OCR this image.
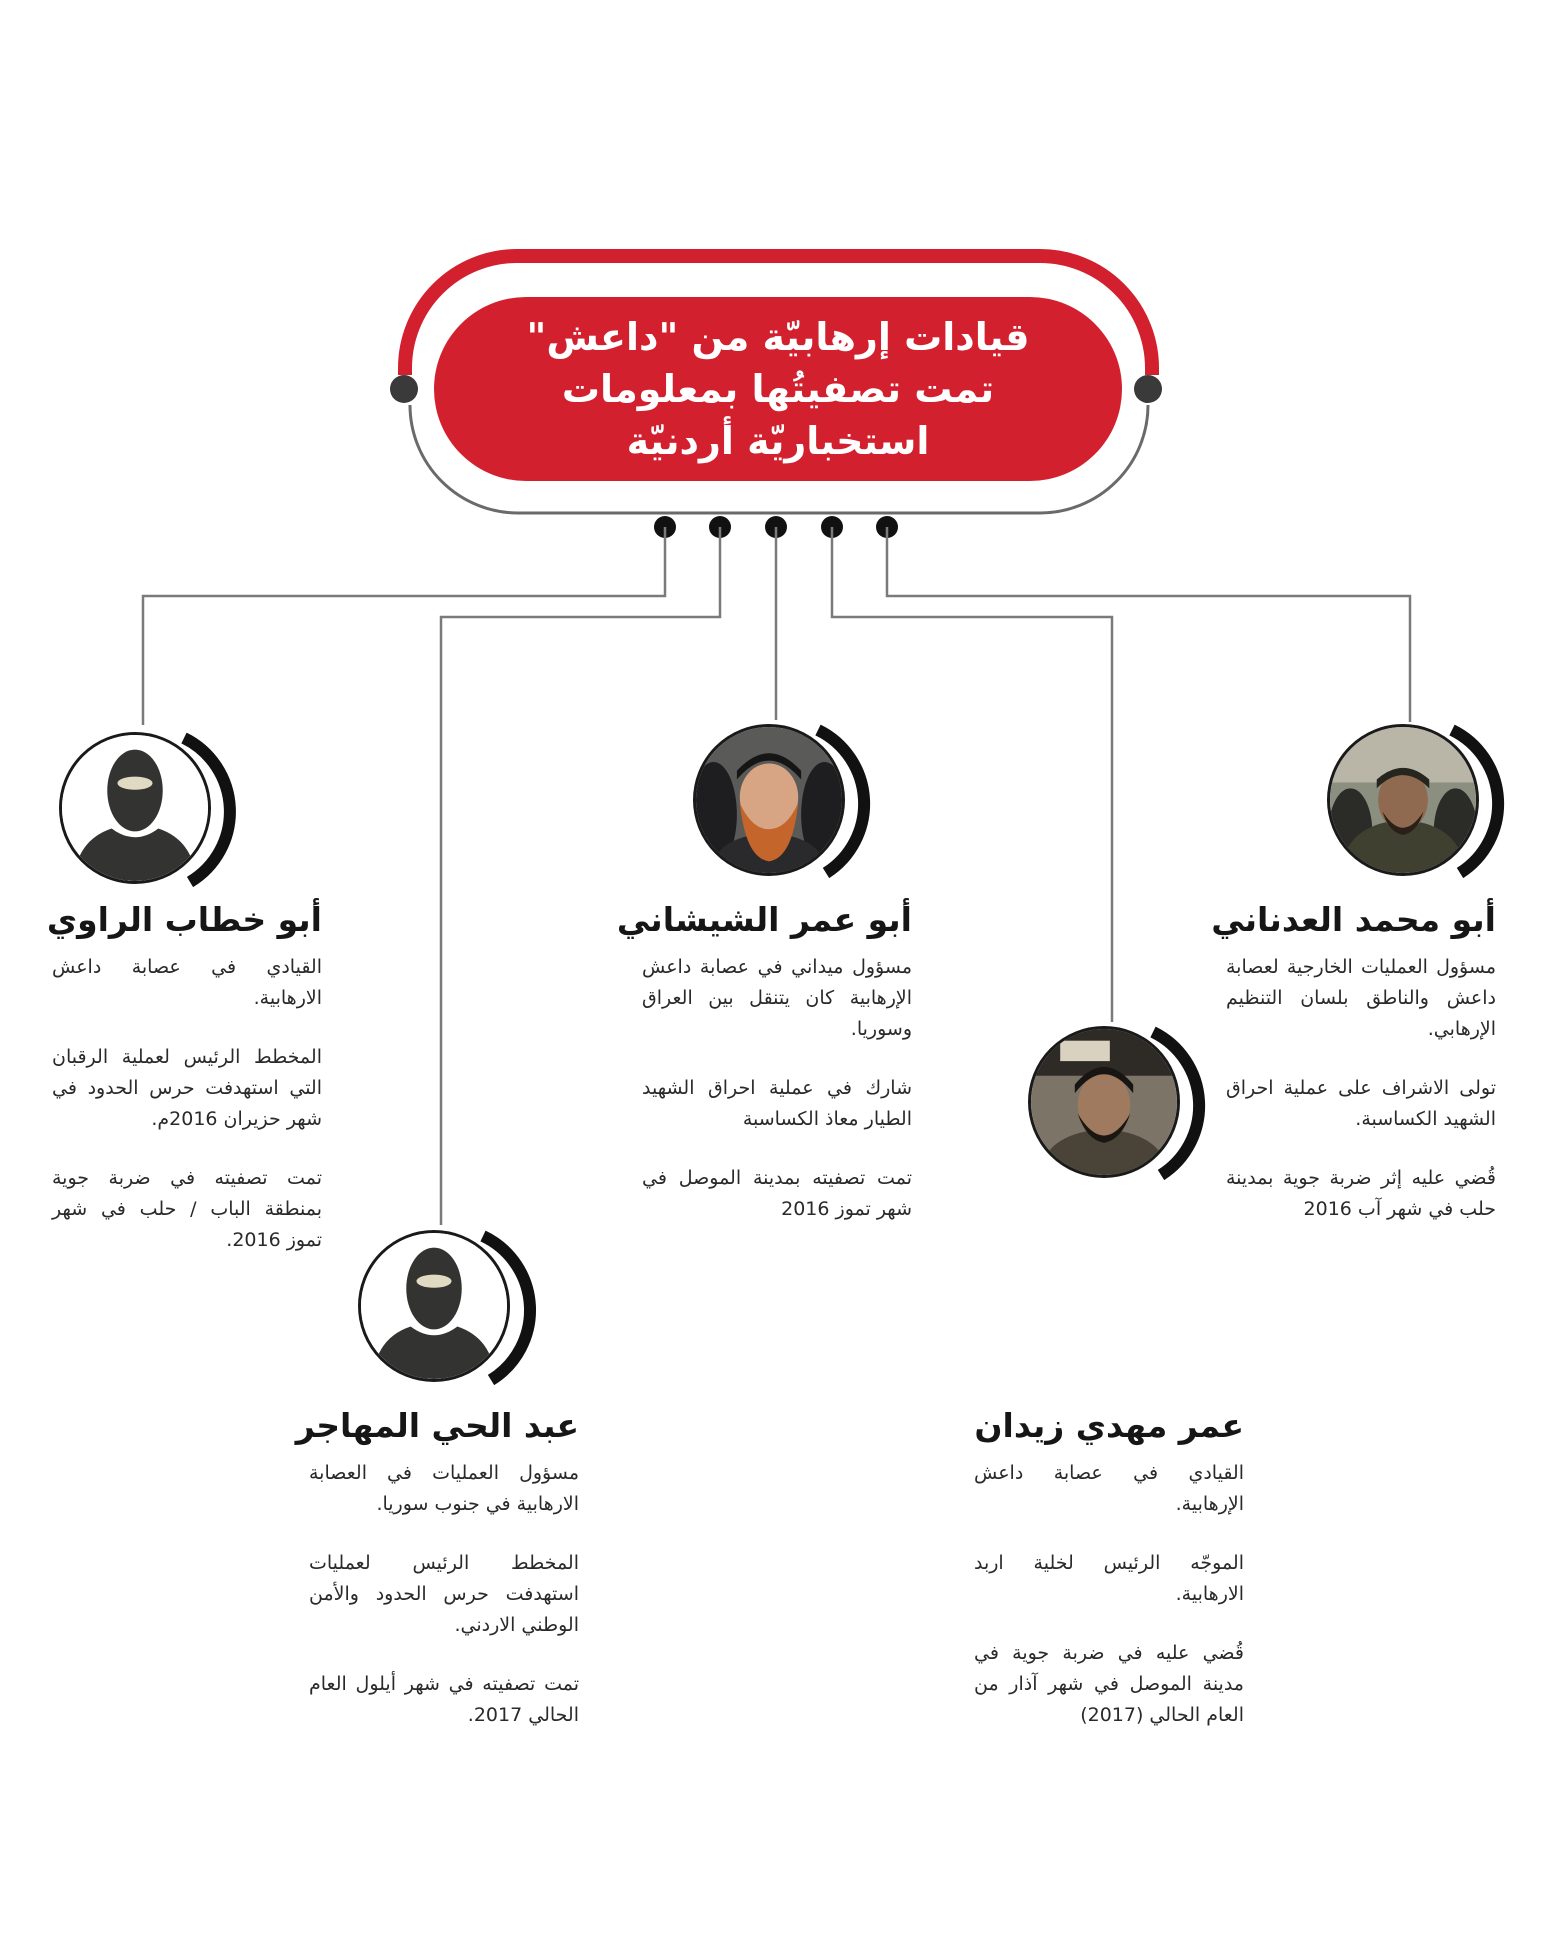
قيادات إرهابيّة من "داعش"
تمت تصفيتُها بمعلومات
استخباريّة أردنيّة
أبو محمد العدناني

مسؤول العمليات الخارجية لعصابة داعش والناطق بلسان التنظيم الإرهابي.

تولى الاشراف على عملية احراق الشهيد الكساسبة.

قُضي عليه إثر ضربة جوية بمدينة حلب في شهر آب 2016

أبو عمر الشيشاني

مسؤول ميداني في عصابة داعش الإرهابية كان يتنقل بين العراق وسوريا.

شارك في عملية احراق الشهيد الطيار معاذ الكساسبة

تمت تصفيته بمدينة الموصل في شهر تموز 2016

أبو خطاب الراوي

القيادي في عصابة داعش الارهابية.

المخطط الرئيس لعملية الرقبان التي استهدفت حرس الحدود في شهر حزيران 2016م.

تمت تصفيته في ضربة جوية بمنطقة الباب / حلب في شهر تموز 2016.

عبد الحي المهاجر

مسؤول العمليات في العصابة الارهابية في جنوب سوريا.

المخطط الرئيس لعمليات استهدفت حرس الحدود والأمن الوطني الاردني.

تمت تصفيته في شهر أيلول العام الحالي 2017.

عمر مهدي زيدان

القيادي في عصابة داعش الإرهابية.

الموجّه الرئيس لخلية اربد الارهابية.

قُضي عليه في ضربة جوية في مدينة الموصل في شهر آذار من العام الحالي (2017)
